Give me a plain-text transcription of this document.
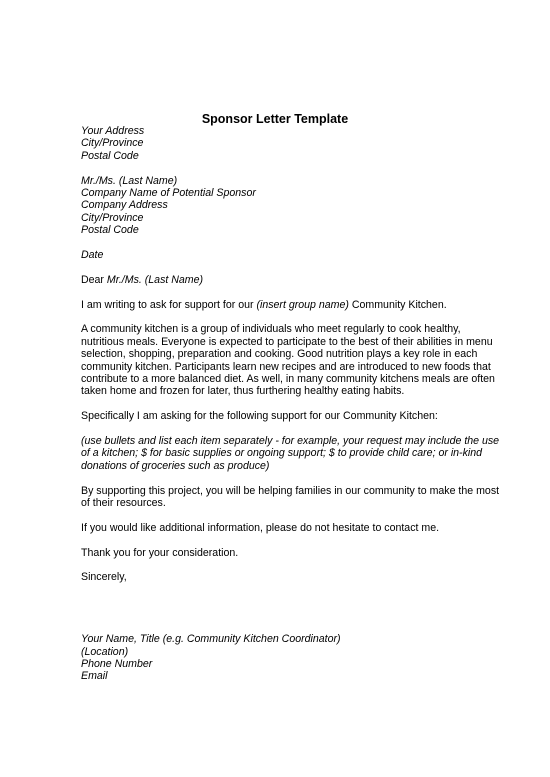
Sponsor Letter Template
Your Address
City/Province
Postal Code
Mr./Ms. (Last Name)
Company Name of Potential Sponsor
Company Address
City/Province
Postal Code

Date

Dear Mr./Ms. (Last Name)

I am writing to ask for support for our (insert group name) Community Kitchen.

A community kitchen is a group of individuals who meet regularly to cook healthy,
nutritious meals. Everyone is expected to participate to the best of their abilities in menu
selection, shopping, preparation and cooking. Good nutrition plays a key role in each
community kitchen. Participants learn new recipes and are introduced to new foods that
contribute to a more balanced diet. As well, in many community kitchens meals are often
taken home and frozen for later, thus furthering healthy eating habits.

Specifically I am asking for the following support for our Community Kitchen:

(use bullets and list each item separately - for example, your request may include the use
of a kitchen; $ for basic supplies or ongoing support; $ to provide child care; or in-kind
donations of groceries such as produce)

By supporting this project, you will be helping families in our community to make the most
of their resources.

If you would like additional information, please do not hesitate to contact me.

Thank you for your consideration.

Sincerely,

Your Name, Title (e.g. Community Kitchen Coordinator)
(Location)
Phone Number
Email
